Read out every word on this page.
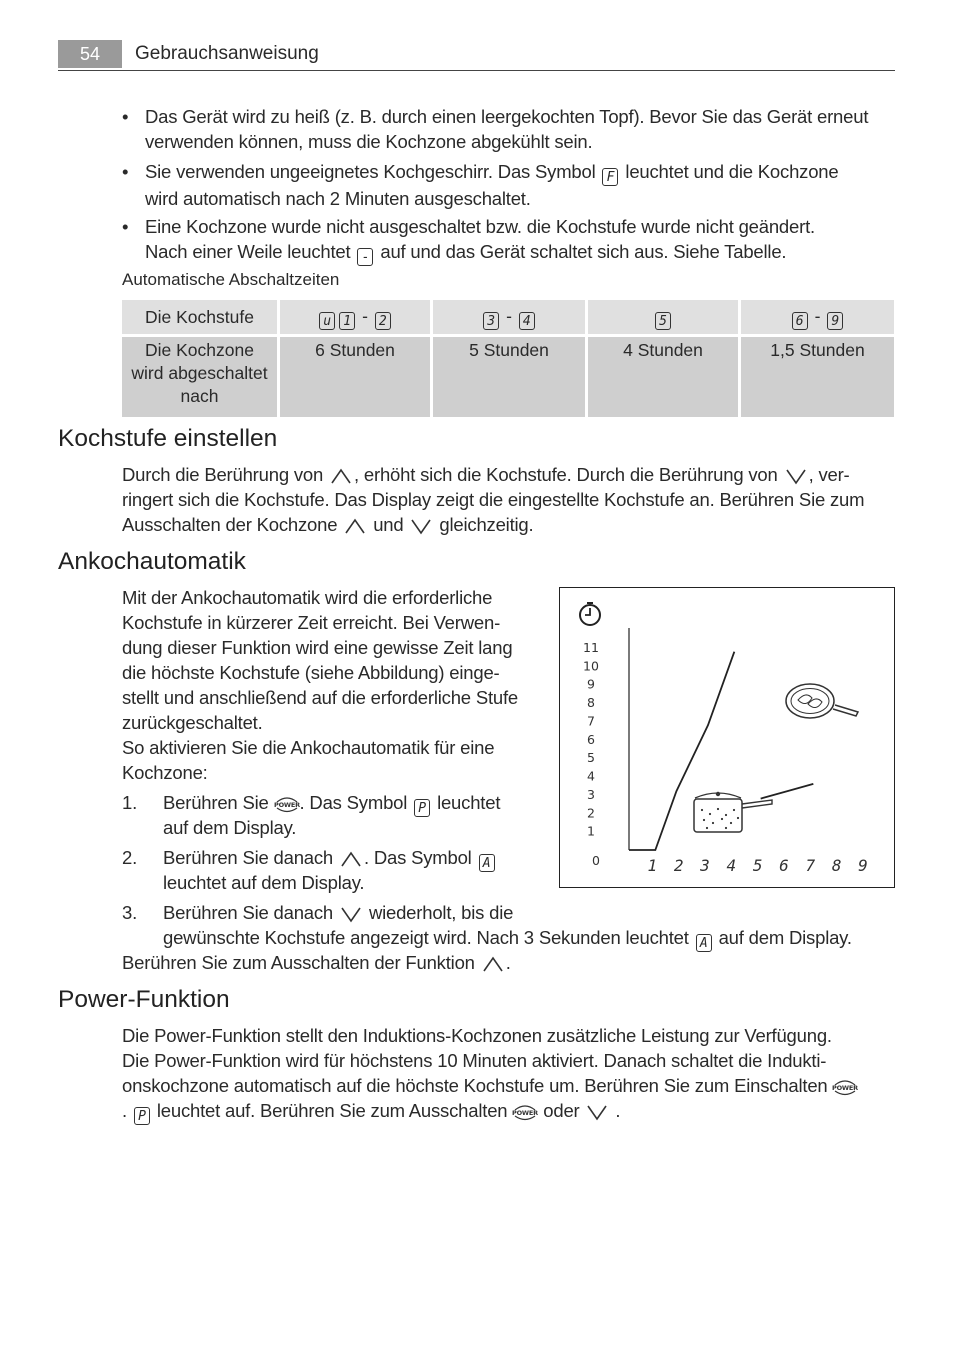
54	Gebrauchsanweisung
• Das Gerät wird zu heiß (z. B. durch einen leergekochten Topf). Bevor Sie das Gerät erneut
verwenden können, muss die Kochzone abgekühlt sein.
• Sie verwenden ungeeignetes Kochgeschirr. Das Symbol F leuchtet und die Kochzone
wird automatisch nach 2 Minuten ausgeschaltet.
• Eine Kochzone wurde nicht ausgeschaltet bzw. die Kochstufe wurde nicht geändert.
Nach einer Weile leuchtet - auf und das Gerät schaltet sich aus. Siehe Tabelle.
Automatische Abschaltzeiten
Die Kochstufe	u 1 - 2	3 - 4	5	6 - 9

Die Kochzone
wird abgeschaltet
nach	6 Stunden	5 Stunden	4 Stunden	1,5 Stunden
Kochstufe einstellen
Durch die Berührung von , erhöht sich die Kochstufe. Durch die Berührung von , ver-
ringert sich die Kochstufe. Das Display zeigt die eingestellte Kochstufe an. Berühren Sie zum
Ausschalten der Kochzone und gleichzeitig.
Ankochautomatik
Mit der Ankochautomatik wird die erforderliche
Kochstufe in kürzerer Zeit erreicht. Bei Verwen-
dung dieser Funktion wird eine gewisse Zeit lang
die höchste Kochstufe (siehe Abbildung) einge-
stellt und anschließend auf die erforderliche Stufe
zurückgeschaltet.
So aktivieren Sie die Ankochautomatik für eine
Kochzone:
1. Berühren Sie POWER . Das Symbol P leuchtet
auf dem Display.
2. Berühren Sie danach . Das Symbol A
leuchtet auf dem Display.
3. Berühren Sie danach wiederholt, bis die
gewünschte Kochstufe angezeigt wird. Nach 3 Sekunden leuchtet A auf dem Display.
Berühren Sie zum Ausschalten der Funktion .
11
10
9
8
7
6
5
4
3
2
1
1 2 3 4 5 6 7 8 9
0
Power-Funktion
Die Power-Funktion stellt den Induktions-Kochzonen zusätzliche Leistung zur Verfügung.
Die Power-Funktion wird für höchstens 10 Minuten aktiviert. Danach schaltet die Indukti-
onskochzone automatisch auf die höchste Kochstufe um. Berühren Sie zum Einschalten POWER
. P leuchtet auf. Berühren Sie zum Ausschalten POWER oder .
